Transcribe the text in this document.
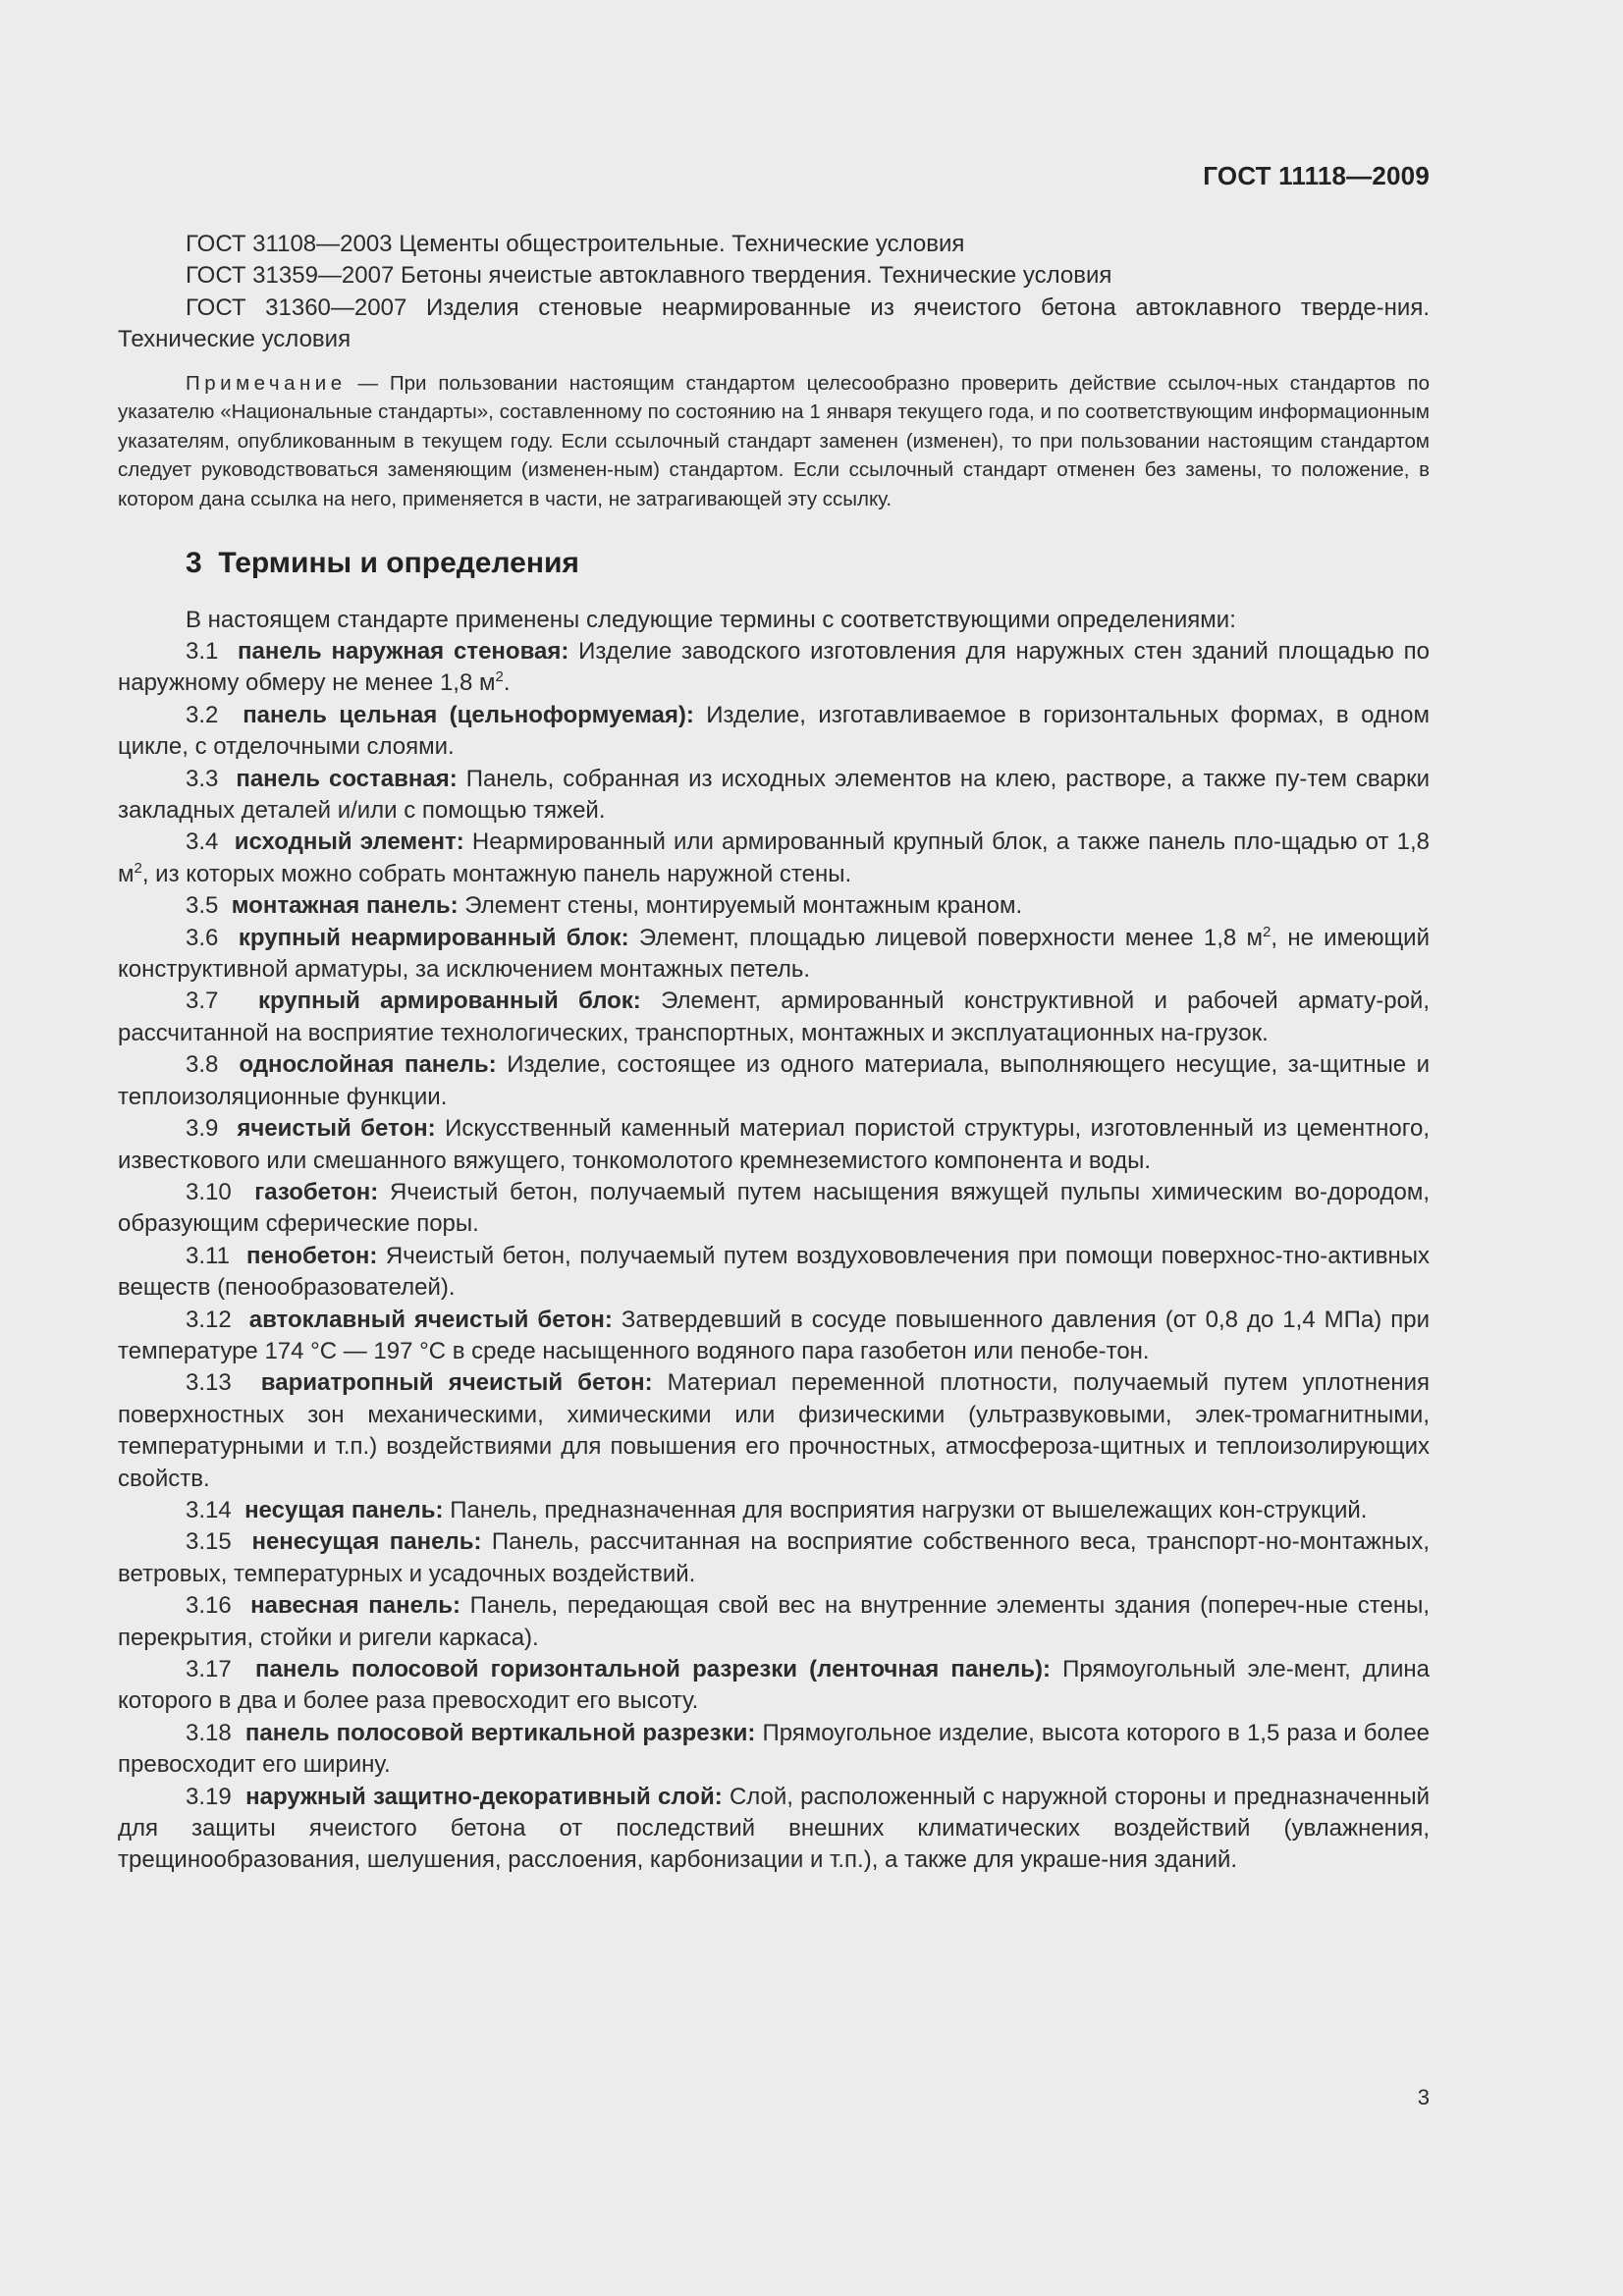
ГОСТ 11118—2009

ГОСТ 31108—2003 Цементы общестроительные. Технические условия

ГОСТ 31359—2007 Бетоны ячеистые автоклавного твердения. Технические условия

ГОСТ 31360—2007 Изделия стеновые неармированные из ячеистого бетона автоклавного тверде-ния. Технические условия

Примечание — При пользовании настоящим стандартом целесообразно проверить действие ссылоч-ных стандартов по указателю «Национальные стандарты», составленному по состоянию на 1 января текущего года, и по соответствующим информационным указателям, опубликованным в текущем году. Если ссылочный стандарт заменен (изменен), то при пользовании настоящим стандартом следует руководствоваться заменяющим (изменен-ным) стандартом. Если ссылочный стандарт отменен без замены, то положение, в котором дана ссылка на него, применяется в части, не затрагивающей эту ссылку.

3 Термины и определения

В настоящем стандарте применены следующие термины с соответствующими определениями:

3.1 панель наружная стеновая: Изделие заводского изготовления для наружных стен зданий площадью по наружному обмеру не менее 1,8 $м^2$.

3.2 панель цельная (цельноформуемая): Изделие, изготавливаемое в горизонтальных формах, в одном цикле, с отделочными слоями.

3.3 панель составная: Панель, собранная из исходных элементов на клею, растворе, а также пу-тем сварки закладных деталей и/или с помощью тяжей.

3.4 исходный элемент: Неармированный или армированный крупный блок, а также панель пло-щадью от 1,8 $м^2$, из которых можно собрать монтажную панель наружной стены.

3.5 монтажная панель: Элемент стены, монтируемый монтажным краном.

3.6 крупный неармированный блок: Элемент, площадью лицевой поверхности менее 1,8 $м^2$, не имеющий конструктивной арматуры, за исключением монтажных петель.

3.7 крупный армированный блок: Элемент, армированный конструктивной и рабочей армату-рой, рассчитанной на восприятие технологических, транспортных, монтажных и эксплуатационных на-грузок.

3.8 однослойная панель: Изделие, состоящее из одного материала, выполняющего несущие, за-щитные и теплоизоляционные функции.

3.9 ячеистый бетон: Искусственный каменный материал пористой структуры, изготовленный из цементного, известкового или смешанного вяжущего, тонкомолотого кремнеземистого компонента и воды.

3.10 газобетон: Ячеистый бетон, получаемый путем насыщения вяжущей пульпы химическим во-дородом, образующим сферические поры.

3.11 пенобетон: Ячеистый бетон, получаемый путем воздухововлечения при помощи поверхнос-тно-активных веществ (пенообразователей).

3.12 автоклавный ячеистый бетон: Затвердевший в сосуде повышенного давления (от 0,8 до 1,4 МПа) при температуре 174 °С — 197 °С в среде насыщенного водяного пара газобетон или пенобе-тон.

3.13 вариатропный ячеистый бетон: Материал переменной плотности, получаемый путем уплотнения поверхностных зон механическими, химическими или физическими (ультразвуковыми, элек-тромагнитными, температурными и т.п.) воздействиями для повышения его прочностных, атмосфероза-щитных и теплоизолирующих свойств.

3.14 несущая панель: Панель, предназначенная для восприятия нагрузки от вышележащих кон-струкций.

3.15 ненесущая панель: Панель, рассчитанная на восприятие собственного веса, транспорт-но-монтажных, ветровых, температурных и усадочных воздействий.

3.16 навесная панель: Панель, передающая свой вес на внутренние элементы здания (попереч-ные стены, перекрытия, стойки и ригели каркаса).

3.17 панель полосовой горизонтальной разрезки (ленточная панель): Прямоугольный эле-мент, длина которого в два и более раза превосходит его высоту.

3.18 панель полосовой вертикальной разрезки: Прямоугольное изделие, высота которого в 1,5 раза и более превосходит его ширину.

3.19 наружный защитно-декоративный слой: Слой, расположенный с наружной стороны и предназначенный для защиты ячеистого бетона от последствий внешних климатических воздействий (увлажнения, трещинообразования, шелушения, расслоения, карбонизации и т.п.), а также для украше-ния зданий.

3
